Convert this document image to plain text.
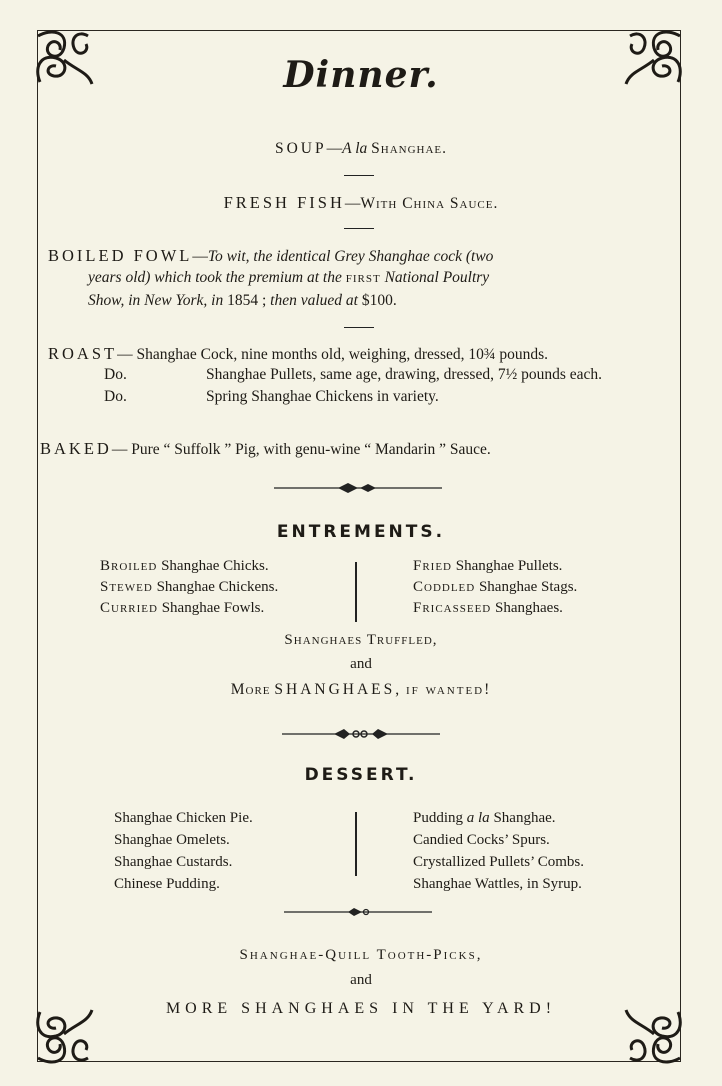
Dinner.
SOUP—A la Shanghae.
FRESH FISH—With China Sauce.
BOILED FOWL—To wit, the identical Grey Shanghae cock (two
years old) which took the premium at the first National Poultry
Show, in New York, in 1854 ; then valued at $100.
ROAST— Shanghae Cock, nine months old, weighing, dressed, 10¾ pounds.
Do.	Shanghae Pullets, same age, drawing, dressed, 7½ pounds each.
Do.	Spring Shanghae Chickens in variety.
BAKED— Pure “ Suffolk ” Pig, with genu-wine “ Mandarin ” Sauce.
ENTREMENTS.
Broiled Shanghae Chicks.
Stewed Shanghae Chickens.
Curried Shanghae Fowls.
Fried Shanghae Pullets.
Coddled Shanghae Stags.
Fricasseed Shanghaes.
Shanghaes Truffled,
and
More SHANGHAES, if wanted!
DESSERT.
Shanghae Chicken Pie.
Shanghae Omelets.
Shanghae Custards.
Chinese Pudding.
Pudding a la Shanghae.
Candied Cocks’ Spurs.
Crystallized Pullets’ Combs.
Shanghae Wattles, in Syrup.
Shanghae-Quill Tooth-Picks,
and
MORE SHANGHAES IN THE YARD!
